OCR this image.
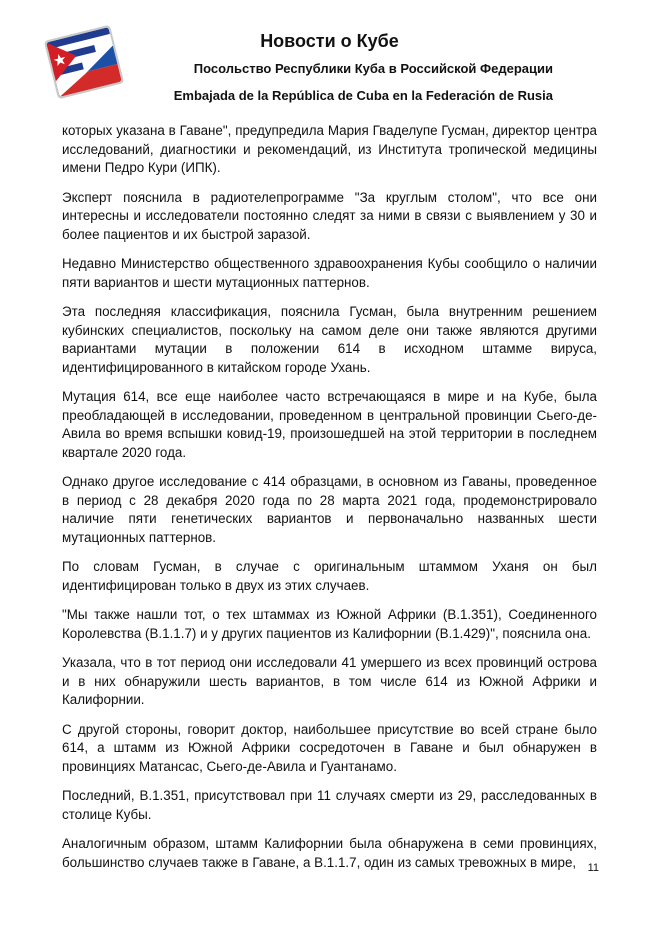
Новости о Кубе
Посольство Республики Куба в Российской Федерации
Embajada de la República de Cuba en la Federación de Rusia

которых указана в Гаване", предупредила Мария Гваделупе Гусман, директор центра исследований, диагностики и рекомендаций, из Института тропической медицины имени Педро Кури (ИПК).

Эксперт пояснила в радиотелепрограмме "За круглым столом", что все они интересны и исследователи постоянно следят за ними в связи с выявлением у 30 и более пациентов и их быстрой заразой.

Недавно Министерство общественного здравоохранения Кубы сообщило о наличии пяти вариантов и шести мутационных паттернов.

Эта последняя классификация, пояснила Гусман, была внутренним решением кубинских специалистов, поскольку на самом деле они также являются другими вариантами мутации в положении 614 в исходном штамме вируса, идентифицированного в китайском городе Ухань.

Мутация 614, все еще наиболее часто встречающаяся в мире и на Кубе, была преобладающей в исследовании, проведенном в центральной провинции Сьего-де-Авила во время вспышки ковид-19, произошедшей на этой территории в последнем квартале 2020 года.

Однако другое исследование с 414 образцами, в основном из Гаваны, проведенное в период с 28 декабря 2020 года по 28 марта 2021 года, продемонстрировало наличие пяти генетических вариантов и первоначально названных шести мутационных паттернов.

По словам Гусман, в случае с оригинальным штаммом Уханя он был идентифицирован только в двух из этих случаев.

"Мы также нашли тот, о тех штаммах из Южной Африки (B.1.351), Соединенного Королевства (B.1.1.7) и у других пациентов из Калифорнии (B.1.429)", пояснила она.

Указала, что в тот период они исследовали 41 умершего из всех провинций острова и в них обнаружили шесть вариантов, в том числе 614 из Южной Африки и Калифорнии.

С другой стороны, говорит доктор, наибольшее присутствие во всей стране было 614, а штамм из Южной Африки сосредоточен в Гаване и был обнаружен в провинциях Матансас, Сьего-де-Авила и Гуантанамо.

Последний, B.1.351, присутствовал при 11 случаях смерти из 29, расследованных в столице Кубы.

Аналогичным образом, штамм Калифорнии была обнаружена в семи провинциях, большинство случаев также в Гаване, а B.1.1.7, один из самых тревожных в мире,	11
